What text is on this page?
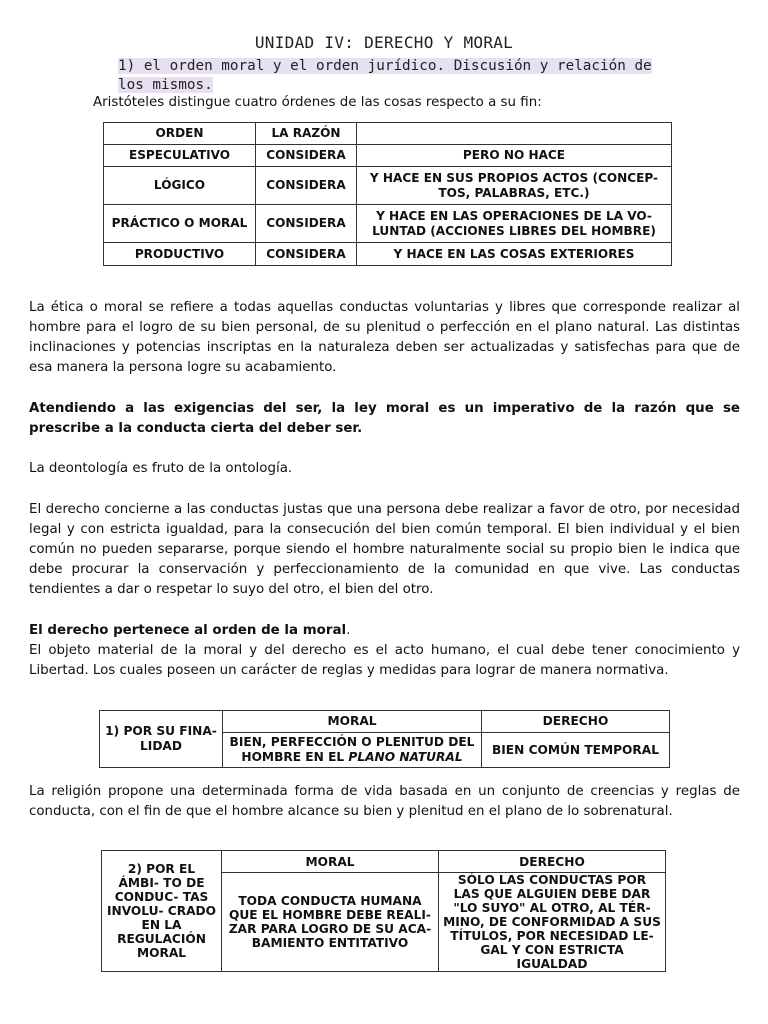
UNIDAD IV: DERECHO Y MORAL
1) el orden moral y el orden jurídico. Discusión y relación de los mismos.
Aristóteles distingue cuatro órdenes de las cosas respecto a su fin:
ORDEN	LA RAZÓN	
ESPECULATIVO	CONSIDERA	PERO NO HACE
LÓGICO	CONSIDERA	Y HACE EN SUS PROPIOS ACTOS (CONCEP- TOS, PALABRAS, ETC.)
PRÁCTICO O MORAL	CONSIDERA	Y HACE EN LAS OPERACIONES DE LA VO- LUNTAD (ACCIONES LIBRES DEL HOMBRE)
PRODUCTIVO	CONSIDERA	Y HACE EN LAS COSAS EXTERIORES

La ética o moral se refiere a todas aquellas conductas voluntarias y libres que corresponde realizar al hombre para el logro de su bien personal, de su plenitud o perfección en el plano natural. Las distintas inclinaciones y potencias inscriptas en la naturaleza deben ser actualizadas y satisfechas para que de esa manera la persona logre su acabamiento.

Atendiendo a las exigencias del ser, la ley moral es un imperativo de la razón que se prescribe a la conducta cierta del deber ser.

La deontología es fruto de la ontología.

El derecho concierne a las conductas justas que una persona debe realizar a favor de otro, por necesidad legal y con estricta igualdad, para la consecución del bien común temporal. El bien individual y el bien común no pueden separarse, porque siendo el hombre naturalmente social su propio bien le indica que debe procurar la conservación y perfeccionamiento de la comunidad en que vive. Las conductas tendientes a dar o respetar lo suyo del otro, el bien del otro.

El derecho pertenece al orden de la moral.

El objeto material de la moral y del derecho es el acto humano, el cual debe tener conocimiento y Libertad. Los cuales poseen un carácter de reglas y medidas para lograr de manera normativa.

1) POR SU FINA- LIDAD	MORAL	DERECHO
	BIEN, PERFECCIÓN O PLENITUD DEL HOMBRE EN EL PLANO NATURAL	BIEN COMÚN TEMPORAL

La religión propone una determinada forma de vida basada en un conjunto de creencias y reglas de conducta, con el fin de que el hombre alcance su bien y plenitud en el plano de lo sobrenatural.

2) POR EL ÁMBI- TO DE CONDUC- TAS INVOLU- CRADO EN LA REGULACIÓN MORAL	MORAL	DERECHO
	TODA CONDUCTA HUMANA QUE EL HOMBRE DEBE REALI- ZAR PARA LOGRO DE SU ACA- BAMIENTO ENTITATIVO	SÓLO LAS CONDUCTAS POR LAS QUE ALGUIEN DEBE DAR "LO SUYO" AL OTRO, AL TÉR- MINO, DE CONFORMIDAD A SUS TÍTULOS, POR NECESIDAD LE- GAL Y CON ESTRICTA IGUALDAD
